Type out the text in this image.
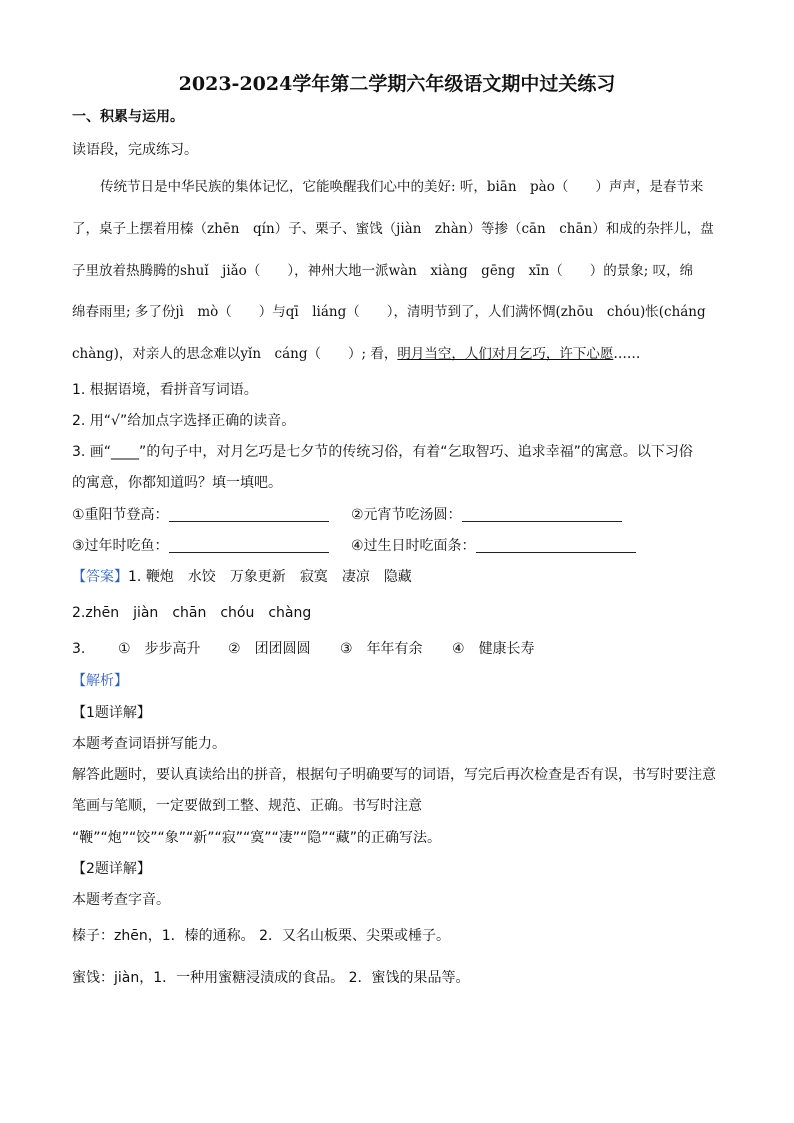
2023-2024学年第二学期六年级语文期中过关练习
一、积累与运用。
读语段，完成练习。
传统节日是中华民族的集体记忆，它能唤醒我们心中的美好: 听，biān　pào（　　）声声，是春节来
了，桌子上摆着用榛（zhēn　qín）子、栗子、蜜饯（jiàn　zhàn）等掺（cān　chān）和成的杂拌儿，盘
子里放着热腾腾的shuǐ　jiǎo（　　），神州大地一派wàn　xiàng　gēng　xīn（　　）的景象; 叹，绵
绵春雨里; 多了份jì　mò（　　）与qī　liáng（　　），清明节到了，人们满怀惆(zhōu　chóu)怅(cháng
chàng)，对亲人的思念难以yǐn　cáng（　　）; 看，明月当空，人们对月乞巧，许下心愿……
1. 根据语境，看拼音写词语。
2. 用“√”给加点字选择正确的读音。
3. 画“____”的句子中，对月乞巧是七夕节的传统习俗，有着“乞取智巧、追求幸福”的寓意。以下习俗
的寓意，你都知道吗？填一填吧。
①重阳节登高：	②元宵节吃汤圆：
③过年时吃鱼：	④过生日时吃面条：
【答案】1. 鞭炮 水饺 万象更新 寂寞 凄凉 隐藏
2.zhēn jiàn chān chóu chàng
3. ① 步步高升 ② 团团圆圆 ③ 年年有余 ④ 健康长寿
【解析】
【1题详解】
本题考查词语拼写能力。
解答此题时，要认真读给出的拼音，根据句子明确要写的词语，写完后再次检查是否有误，书写时要注意
笔画与笔顺，一定要做到工整、规范、正确。书写时注意
“鞭”“炮”“饺”“象”“新”“寂”“寞”“凄”“隐”“藏”的正确写法。
【2题详解】
本题考查字音。
榛子：zhēn，1．榛的通称。 2．又名山板栗、尖栗或棰子。
蜜饯：jiàn，1．一种用蜜糖浸渍成的食品。 2．蜜饯的果品等。
